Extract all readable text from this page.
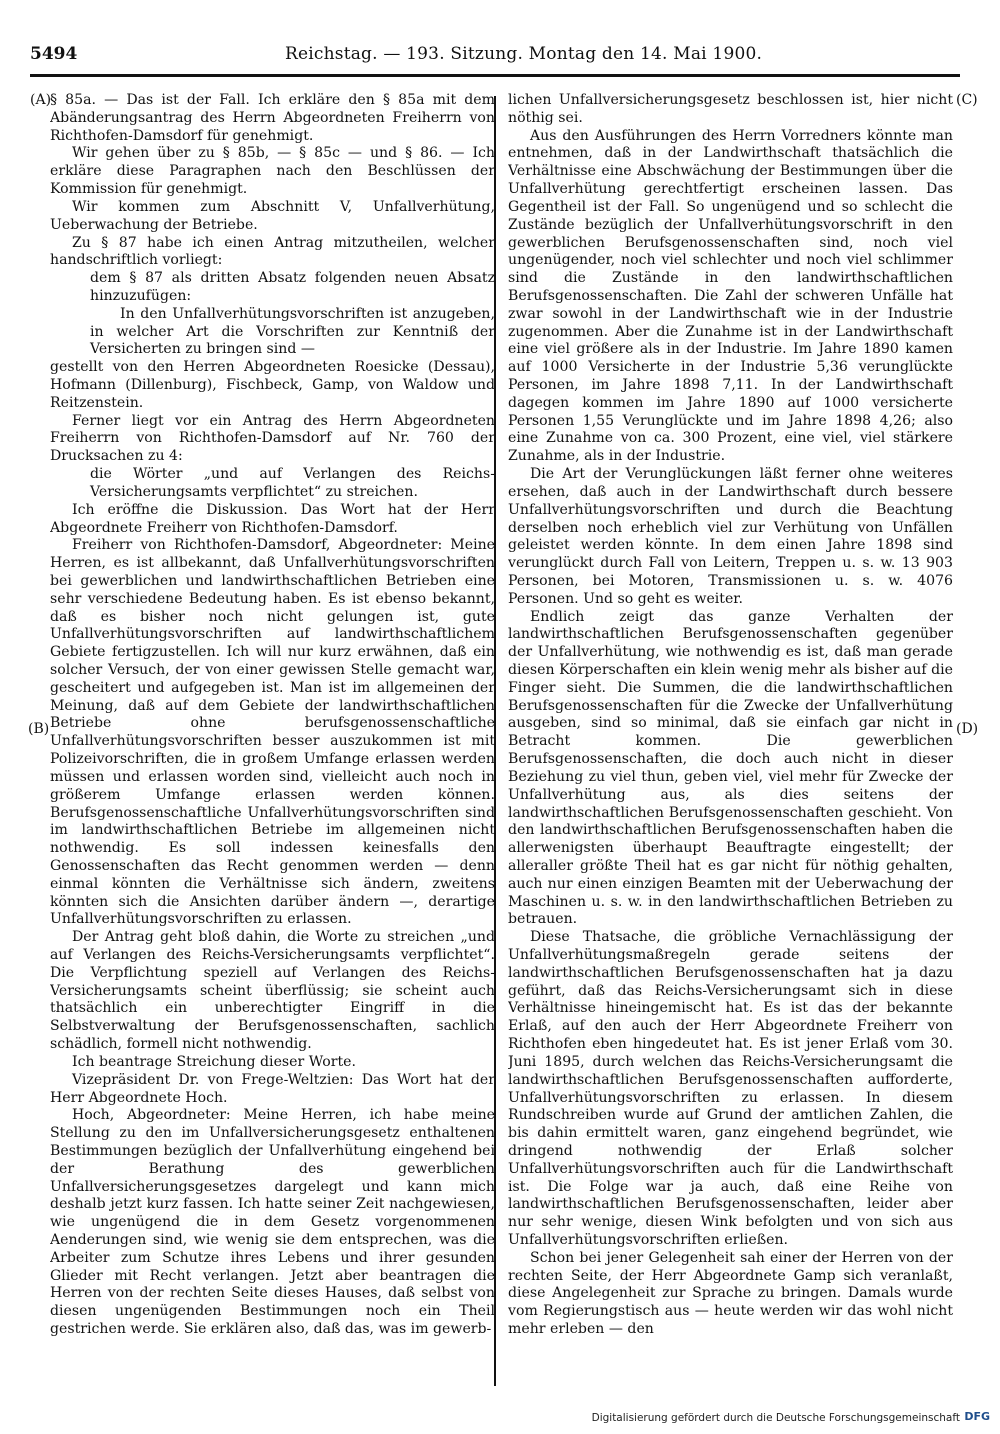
5494	Reichstag. — 193. Sitzung. Montag den 14. Mai 1900.
(A)
(B)
(C)
(D)

§ 85a. — Das ist der Fall. Ich erkläre den § 85a mit dem Abänderungsantrag des Herrn Abgeordneten Freiherrn von Richthofen-Damsdorf für genehmigt.

Wir gehen über zu § 85b, — § 85c — und § 86. — Ich erkläre diese Paragraphen nach den Beschlüssen der Kommission für genehmigt.

Wir kommen zum Abschnitt V, Unfallverhütung, Ueberwachung der Betriebe.

Zu § 87 habe ich einen Antrag mitzutheilen, welcher handschriftlich vorliegt:

dem § 87 als dritten Absatz folgenden neuen Absatz hinzuzufügen:

In den Unfallverhütungsvorschriften ist anzugeben, in welcher Art die Vorschriften zur Kenntniß der Versicherten zu bringen sind —

gestellt von den Herren Abgeordneten Roesicke (Dessau), Hofmann (Dillenburg), Fischbeck, Gamp, von Waldow und Reitzenstein.

Ferner liegt vor ein Antrag des Herrn Abgeordneten Freiherrn von Richthofen-Damsdorf auf Nr. 760 der Drucksachen zu 4:

die Wörter „und auf Verlangen des Reichs-Versicherungsamts verpflichtet“ zu streichen.

Ich eröffne die Diskussion. Das Wort hat der Herr Abgeordnete Freiherr von Richthofen-Damsdorf.

Freiherr von Richthofen-Damsdorf, Abgeordneter: Meine Herren, es ist allbekannt, daß Unfallverhütungsvorschriften bei gewerblichen und landwirthschaftlichen Betrieben eine sehr verschiedene Bedeutung haben. Es ist ebenso bekannt, daß es bisher noch nicht gelungen ist, gute Unfallverhütungsvorschriften auf landwirthschaftlichem Gebiete fertigzustellen. Ich will nur kurz erwähnen, daß ein solcher Versuch, der von einer gewissen Stelle gemacht war, gescheitert und aufgegeben ist. Man ist im allgemeinen der Meinung, daß auf dem Gebiete der landwirthschaftlichen Betriebe ohne berufsgenossenschaftliche Unfallverhütungsvorschriften besser auszukommen ist mit Polizeivorschriften, die in großem Umfange erlassen werden müssen und erlassen worden sind, vielleicht auch noch in größerem Umfange erlassen werden können. Berufsgenossenschaftliche Unfallverhütungsvorschriften sind im landwirthschaftlichen Betriebe im allgemeinen nicht nothwendig. Es soll indessen keinesfalls den Genossenschaften das Recht genommen werden — denn einmal könnten die Verhältnisse sich ändern, zweitens könnten sich die Ansichten darüber ändern —, derartige Unfallverhütungsvorschriften zu erlassen.

Der Antrag geht bloß dahin, die Worte zu streichen „und auf Verlangen des Reichs-Versicherungsamts verpflichtet“. Die Verpflichtung speziell auf Verlangen des Reichs-Versicherungsamts scheint überflüssig; sie scheint auch thatsächlich ein unberechtigter Eingriff in die Selbstverwaltung der Berufsgenossenschaften, sachlich schädlich, formell nicht nothwendig.

Ich beantrage Streichung dieser Worte.

Vizepräsident Dr. von Frege-Weltzien: Das Wort hat der Herr Abgeordnete Hoch.

Hoch, Abgeordneter: Meine Herren, ich habe meine Stellung zu den im Unfallversicherungsgesetz enthaltenen Bestimmungen bezüglich der Unfallverhütung eingehend bei der Berathung des gewerblichen Unfallversicherungsgesetzes dargelegt und kann mich deshalb jetzt kurz fassen. Ich hatte seiner Zeit nachgewiesen, wie ungenügend die in dem Gesetz vorgenommenen Aenderungen sind, wie wenig sie dem entsprechen, was die Arbeiter zum Schutze ihres Lebens und ihrer gesunden Glieder mit Recht verlangen. Jetzt aber beantragen die Herren von der rechten Seite dieses Hauses, daß selbst von diesen ungenügenden Bestimmungen noch ein Theil gestrichen werde. Sie erklären also, daß das, was im gewerb-

lichen Unfallversicherungsgesetz beschlossen ist, hier nicht nöthig sei.

Aus den Ausführungen des Herrn Vorredners könnte man entnehmen, daß in der Landwirthschaft thatsächlich die Verhältnisse eine Abschwächung der Bestimmungen über die Unfallverhütung gerechtfertigt erscheinen lassen. Das Gegentheil ist der Fall. So ungenügend und so schlecht die Zustände bezüglich der Unfallverhütungsvorschrift in den gewerblichen Berufsgenossenschaften sind, noch viel ungenügender, noch viel schlechter und noch viel schlimmer sind die Zustände in den landwirthschaftlichen Berufsgenossenschaften. Die Zahl der schweren Unfälle hat zwar sowohl in der Landwirthschaft wie in der Industrie zugenommen. Aber die Zunahme ist in der Landwirthschaft eine viel größere als in der Industrie. Im Jahre 1890 kamen auf 1000 Versicherte in der Industrie 5,36 verunglückte Personen, im Jahre 1898 7,11. In der Landwirthschaft dagegen kommen im Jahre 1890 auf 1000 versicherte Personen 1,55 Verunglückte und im Jahre 1898 4,26; also eine Zunahme von ca. 300 Prozent, eine viel, viel stärkere Zunahme, als in der Industrie.

Die Art der Verunglückungen läßt ferner ohne weiteres ersehen, daß auch in der Landwirthschaft durch bessere Unfallverhütungsvorschriften und durch die Beachtung derselben noch erheblich viel zur Verhütung von Unfällen geleistet werden könnte. In dem einen Jahre 1898 sind verunglückt durch Fall von Leitern, Treppen u. s. w. 13 903 Personen, bei Motoren, Transmissionen u. s. w. 4076 Personen. Und so geht es weiter.

Endlich zeigt das ganze Verhalten der landwirthschaftlichen Berufsgenossenschaften gegenüber der Unfallverhütung, wie nothwendig es ist, daß man gerade diesen Körperschaften ein klein wenig mehr als bisher auf die Finger sieht. Die Summen, die die landwirthschaftlichen Berufsgenossenschaften für die Zwecke der Unfallverhütung ausgeben, sind so minimal, daß sie einfach gar nicht in Betracht kommen. Die gewerblichen Berufsgenossenschaften, die doch auch nicht in dieser Beziehung zu viel thun, geben viel, viel mehr für Zwecke der Unfallverhütung aus, als dies seitens der landwirthschaftlichen Berufsgenossenschaften geschieht. Von den landwirthschaftlichen Berufsgenossenschaften haben die allerwenigsten überhaupt Beauftragte eingestellt; der alleraller größte Theil hat es gar nicht für nöthig gehalten, auch nur einen einzigen Beamten mit der Ueberwachung der Maschinen u. s. w. in den landwirthschaftlichen Betrieben zu betrauen.

Diese Thatsache, die gröbliche Vernachlässigung der Unfallverhütungsmaßregeln gerade seitens der landwirthschaftlichen Berufsgenossenschaften hat ja dazu geführt, daß das Reichs-Versicherungsamt sich in diese Verhältnisse hineingemischt hat. Es ist das der bekannte Erlaß, auf den auch der Herr Abgeordnete Freiherr von Richthofen eben hingedeutet hat. Es ist jener Erlaß vom 30. Juni 1895, durch welchen das Reichs-Versicherungsamt die landwirthschaftlichen Berufsgenossenschaften aufforderte, Unfallverhütungsvorschriften zu erlassen. In diesem Rundschreiben wurde auf Grund der amtlichen Zahlen, die bis dahin ermittelt waren, ganz eingehend begründet, wie dringend nothwendig der Erlaß solcher Unfallverhütungsvorschriften auch für die Landwirthschaft ist. Die Folge war ja auch, daß eine Reihe von landwirthschaftlichen Berufsgenossenschaften, leider aber nur sehr wenige, diesen Wink befolgten und von sich aus Unfallverhütungsvorschriften erließen.

Schon bei jener Gelegenheit sah einer der Herren von der rechten Seite, der Herr Abgeordnete Gamp sich veranlaßt, diese Angelegenheit zur Sprache zu bringen. Damals wurde vom Regierungstisch aus — heute werden wir das wohl nicht mehr erleben — den

Digitalisierung gefördert durch die Deutsche Forschungsgemeinschaft DFG
